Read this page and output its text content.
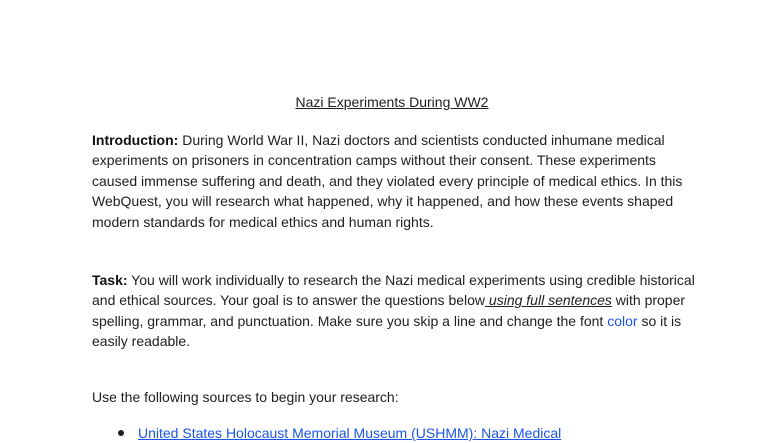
Nazi Experiments During WW2
Introduction: During World War II, Nazi doctors and scientists conducted inhumane medical experiments on prisoners in concentration camps without their consent. These experiments caused immense suffering and death, and they violated every principle of medical ethics. In this WebQuest, you will research what happened, why it happened, and how these events shaped modern standards for medical ethics and human rights.
Task: You will work individually to research the Nazi medical experiments using credible historical and ethical sources. Your goal is to answer the questions below using full sentences with proper spelling, grammar, and punctuation. Make sure you skip a line and change the font color so it is easily readable.
Use the following sources to begin your research:
United States Holocaust Memorial Museum (USHMM): Nazi Medical
